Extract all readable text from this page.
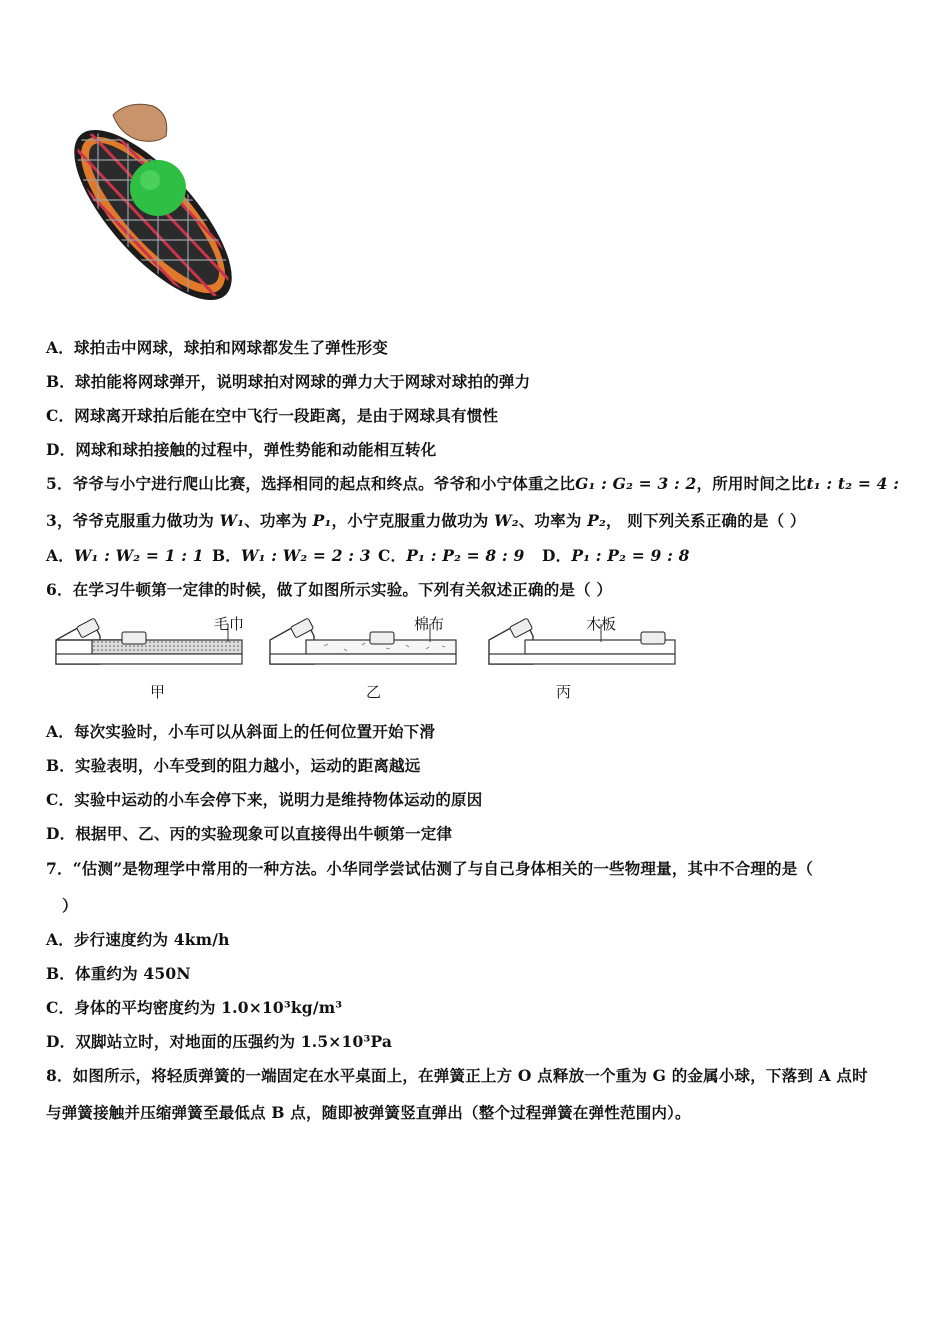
A．球拍击中网球，球拍和网球都发生了弹性形变
B．球拍能将网球弹开，说明球拍对网球的弹力大于网球对球拍的弹力
C．网球离开球拍后能在空中飞行一段距离，是由于网球具有惯性
D．网球和球拍接触的过程中，弹性势能和动能相互转化
5．爷爷与小宁进行爬山比赛，选择相同的起点和终点。爷爷和小宁体重之比G₁ : G₂ = 3 : 2，所用时间之比t₁ : t₂ = 4 :
3，爷爷克服重力做功为 W₁、功率为 P₁，小宁克服重力做功为 W₂、功率为 P₂， 则下列关系正确的是（ ）
A．W₁ : W₂ = 1 : 1 B．W₁ : W₂ = 2 : 3 C．P₁ : P₂ = 8 : 9 D．P₁ : P₂ = 9 : 8
6．在学习牛顿第一定律的时候，做了如图所示实验。下列有关叙述正确的是（ ）
毛巾	棉布	木板
甲	乙	丙
A．每次实验时，小车可以从斜面上的任何位置开始下滑
B．实验表明，小车受到的阻力越小，运动的距离越远
C．实验中运动的小车会停下来，说明力是维持物体运动的原因
D．根据甲、乙、丙的实验现象可以直接得出牛顿第一定律
7．“估测”是物理学中常用的一种方法。小华同学尝试估测了与自己身体相关的一些物理量，其中不合理的是（
）
A．步行速度约为 4km/h
B．体重约为 450N
C．身体的平均密度约为 1.0×10³kg/m³
D．双脚站立时，对地面的压强约为 1.5×10³Pa
8．如图所示，将轻质弹簧的一端固定在水平桌面上，在弹簧正上方 O 点释放一个重为 G 的金属小球，下落到 A 点时
与弹簧接触并压缩弹簧至最低点 B 点，随即被弹簧竖直弹出（整个过程弹簧在弹性范围内）。
